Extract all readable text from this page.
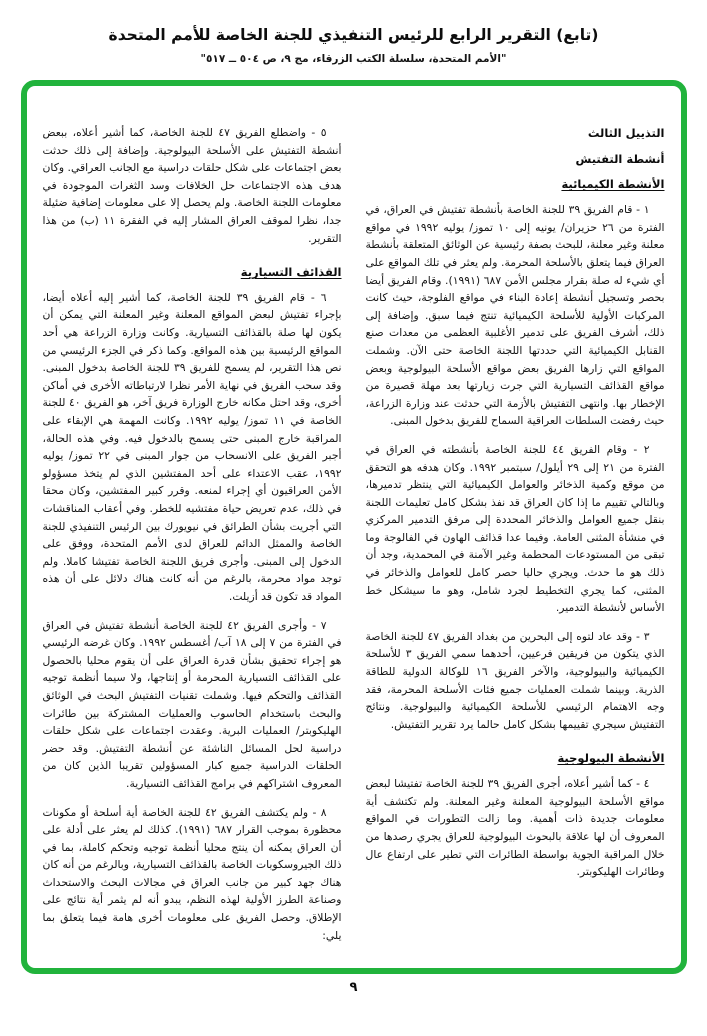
(تابع) التقرير الرابع للرئيس التنفيذي للجنة الخاصة للأمم المتحدة
"الأمم المتحدة، سلسلة الكتب الزرقاء، مج ٩، ص ٥٠٤ ــ ٥١٧"
التذييل الثالث
أنشطة التفتيش
الأنشطة الكيميائية

١ - قام الفريق ٣٩ للجنة الخاصة بأنشطة تفتيش في العراق، في الفترة من ٢٦ حزيران/ يونيه إلى ١٠ تموز/ يوليه ١٩٩٢ في مواقع معلنة وغير معلنة، للبحث بصفة رئيسية عن الوثائق المتعلقة بأنشطة العراق فيما يتعلق بالأسلحة المحرمة. ولم يعثر في تلك المواقع على أي شيء له صلة بقرار مجلس الأمن ٦٨٧ (١٩٩١). وقام الفريق أيضا بحصر وتسجيل أنشطة إعادة البناء في مواقع الفلوجة، حيث كانت المركبات الأولية للأسلحة الكيميائية تنتج فيما سبق. وإضافة إلى ذلك، أشرف الفريق على تدمير الأغلبية العظمى من معدات صنع القنابل الكيميائية التي حددتها اللجنة الخاصة حتى الآن. وشملت المواقع التي زارها الفريق بعض مواقع الأسلحة البيولوجية وبعض مواقع القذائف التسيارية التي جرت زيارتها بعد مهلة قصيرة من الإخطار بها. وانتهى التفتيش بالأزمة التي حدثت عند وزارة الزراعة، حيث رفضت السلطات العراقية السماح للفريق بدخول المبنى.

٢ - وقام الفريق ٤٤ للجنة الخاصة بأنشطته في العراق في الفترة من ٢١ إلى ٢٩ أيلول/ سبتمبر ١٩٩٢. وكان هدفه هو التحقق من موقع وكمية الذخائر والعوامل الكيميائية التي ينتظر تدميرها، وبالتالي تقييم ما إذا كان العراق قد نفذ بشكل كامل تعليمات اللجنة بنقل جميع العوامل والذخائر المحددة إلى مرفق التدمير المركزي في منشأة المثنى العامة. وفيما عدا قذائف الهاون في الفالوجة وما تبقى من المستودعات المحطمة وغير الآمنة في المحمدية، وجد أن ذلك هو ما حدث. ويجري حاليا حصر كامل للعوامل والذخائر في المثنى، كما يجري التخطيط لجرد شامل، وهو ما سيشكل خط الأساس لأنشطة التدمير.

٣ - وقد عاد لتوه إلى البحرين من بغداد الفريق ٤٧ للجنة الخاصة الذي يتكون من فريقين فرعيين، أحدهما سمي الفريق ٣ للأسلحة الكيميائية والبيولوجية، والآخر الفريق ١٦ للوكالة الدولية للطاقة الذرية. وبينما شملت العمليات جميع فئات الأسلحة المحرمة، فقد وجه الاهتمام الرئيسي للأسلحة الكيميائية والبيولوجية. ونتائج التفتيش سيجري تقييمها بشكل كامل حالما يرد تقرير التفتيش.

الأنشطة البيولوجية

٤ - كما أشير أعلاه، أجرى الفريق ٣٩ للجنة الخاصة تفتيشا لبعض مواقع الأسلحة البيولوجية المعلنة وغير المعلنة. ولم تكتشف أية معلومات جديدة ذات أهمية. وما زالت التطورات في المواقع المعروف أن لها علاقة بالبحوث البيولوجية للعراق يجري رصدها من خلال المراقبة الجوية بواسطة الطائرات التي تطير على ارتفاع عال وطائرات الهليكوبتر.

٥ - واضطلع الفريق ٤٧ للجنة الخاصة، كما أشير أعلاه، ببعض أنشطة التفتيش على الأسلحة البيولوجية. وإضافة إلى ذلك حدثت بعض اجتماعات على شكل حلقات دراسية مع الجانب العراقي. وكان هدف هذه الاجتماعات حل الخلافات وسد الثغرات الموجودة في معلومات اللجنة الخاصة. ولم يحصل إلا على معلومات إضافية ضئيلة جدا، نظرا لموقف العراق المشار إليه في الفقرة ١١ (ب) من هذا التقرير.

القذائف التسيارية

٦ - قام الفريق ٣٩ للجنة الخاصة، كما أشير إليه أعلاه أيضا، بإجراء تفتيش لبعض المواقع المعلنة وغير المعلنة التي يمكن أن يكون لها صلة بالقذائف التسيارية. وكانت وزارة الزراعة هي أحد المواقع الرئيسية بين هذه المواقع. وكما ذكر في الجزء الرئيسي من نص هذا التقرير، لم يسمح للفريق ٣٩ للجنة الخاصة بدخول المبنى. وقد سحب الفريق في نهاية الأمر نظرا لارتباطاته الأخرى في أماكن أخرى، وقد احتل مكانه خارج الوزارة فريق آخر، هو الفريق ٤٠ للجنة الخاصة في ١١ تموز/ يوليه ١٩٩٢. وكانت المهمة هي الإبقاء على المراقبة خارج المبنى حتى يسمح بالدخول فيه. وفي هذه الحالة، أجبر الفريق على الانسحاب من جوار المبنى في ٢٢ تموز/ يوليه ١٩٩٢، عقب الاعتداء على أحد المفتشين الذي لم يتخذ مسؤولو الأمن العراقيون أي إجراء لمنعه. وقرر كبير المفتشين، وكان محقا في ذلك، عدم تعريض حياة مفتشيه للخطر. وفي أعقاب المناقشات التي أجريت بشأن الطرائق في نيويورك بين الرئيس التنفيذي للجنة الخاصة والممثل الدائم للعراق لدى الأمم المتحدة، ووفق على الدخول إلى المبنى. وأجرى فريق اللجنة الخاصة تفتيشا كاملا. ولم توجد مواد محرمة، بالرغم من أنه كانت هناك دلائل على أن هذه المواد قد تكون قد أزيلت.

٧ - وأجرى الفريق ٤٢ للجنة الخاصة أنشطة تفتيش في العراق في الفترة من ٧ إلى ١٨ آب/ أغسطس ١٩٩٢. وكان غرضه الرئيسي هو إجراء تحقيق بشأن قدرة العراق على أن يقوم محليا بالحصول على القذائف التسيارية المحرمة أو إنتاجها، ولا سيما أنظمة توجيه القذائف والتحكم فيها. وشملت تقنيات التفتيش البحث في الوثائق والبحث باستخدام الحاسوب والعمليات المشتركة بين طائرات الهليكوبتر/ العمليات البرية. وعقدت اجتماعات على شكل حلقات دراسية لحل المسائل الناشئة عن أنشطة التفتيش. وقد حضر الحلقات الدراسية جميع كبار المسؤولين تقريبا الذين كان من المعروف اشتراكهم في برامج القذائف التسيارية.

٨ - ولم يكتشف الفريق ٤٢ للجنة الخاصة أية أسلحة أو مكونات محظورة بموجب القرار ٦٨٧ (١٩٩١). كذلك لم يعثر على أدلة على أن العراق يمكنه أن ينتج محليا أنظمة توجيه وتحكم كاملة، بما في ذلك الجيروسكوبات الخاصة بالقذائف التسيارية، وبالرغم من أنه كان هناك جهد كبير من جانب العراق في مجالات البحث والاستحداث وصناعة الطرز الأولية لهذه النظم، يبدو أنه لم يثمر أية نتائج على الإطلاق. وحصل الفريق على معلومات أخرى هامة فيما يتعلق بما يلي:

٩
